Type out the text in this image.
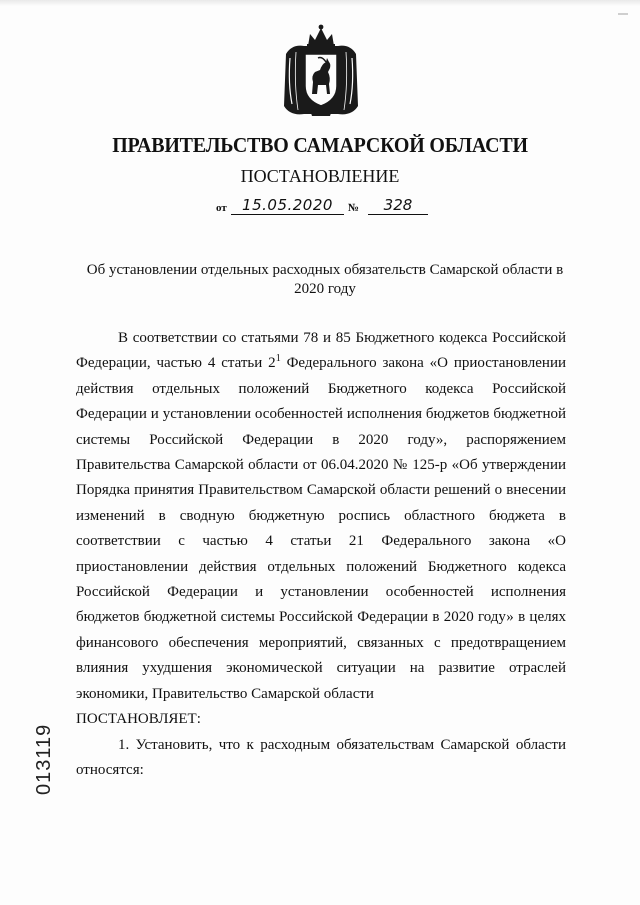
ПРАВИТЕЛЬСТВО САМАРСКОЙ ОБЛАСТИ
ПОСТАНОВЛЕНИЕ
от	15.05.2020	№	328
Об установлении отдельных расходных обязательств Самарской области в 2020 году

В соответствии со статьями 78 и 85 Бюджетного кодекса Российской Федерации, частью 4 статьи $2^1$ Федерального закона «О приостановлении действия отдельных положений Бюджетного кодекса Российской Федерации и установлении особенностей исполнения бюджетов бюджетной системы Российской Федерации в 2020 году», распоряжением Правительства Самарской области от 06.04.2020 № 125-р «Об утверждении Порядка принятия Правительством Самарской области решений о внесении изменений в сводную бюджетную роспись областного бюджета в соответствии с частью 4 статьи 21 Федерального закона «О приостановлении действия отдельных положений Бюджетного кодекса Российской Федерации и установлении особенностей исполнения бюджетов бюджетной системы Российской Федерации в 2020 году» в целях финансового обеспечения мероприятий, связанных с предотвращением влияния ухудшения экономической ситуации на развитие отраслей экономики, Правительство Самарской области

ПОСТАНОВЛЯЕТ:

1. Установить, что к расходным обязательствам Самарской области относятся:

013119
